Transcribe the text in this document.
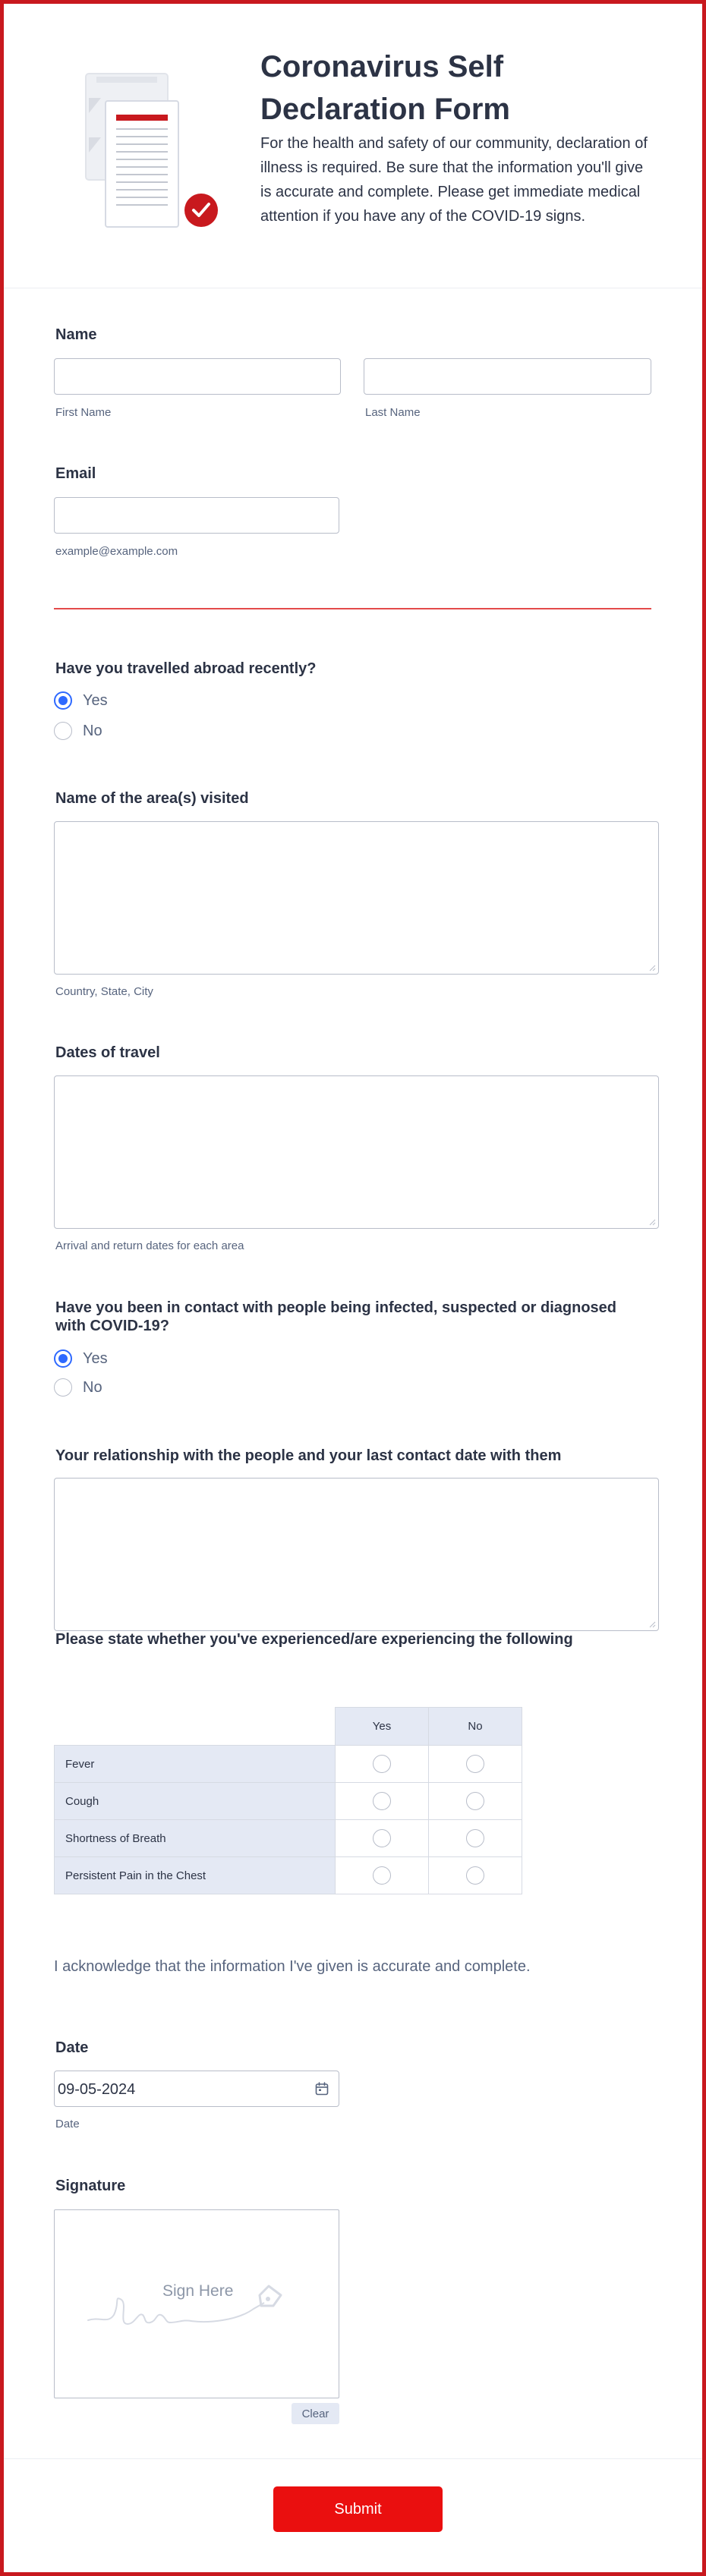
Coronavirus Self Declaration Form
For the health and safety of our community, declaration of illness is required. Be sure that the information you'll give is accurate and complete. Please get immediate medical attention if you have any of the COVID-19 signs.
Name
First Name	Last Name
Email
example@example.com
Have you travelled abroad recently?
Yes
No
Name of the area(s) visited
Country, State, City
Dates of travel
Arrival and return dates for each area
Have you been in contact with people being infected, suspected or diagnosed with COVID-19?
Yes
No
Your relationship with the people and your last contact date with them
Please state whether you've experienced/are experiencing the following
	Yes	No
Fever		
Cough		
Shortness of Breath		
Persistent Pain in the Chest		
I acknowledge that the information I've given is accurate and complete.
Date
09-05-2024
Date
Signature
Sign Here
Clear
Submit
